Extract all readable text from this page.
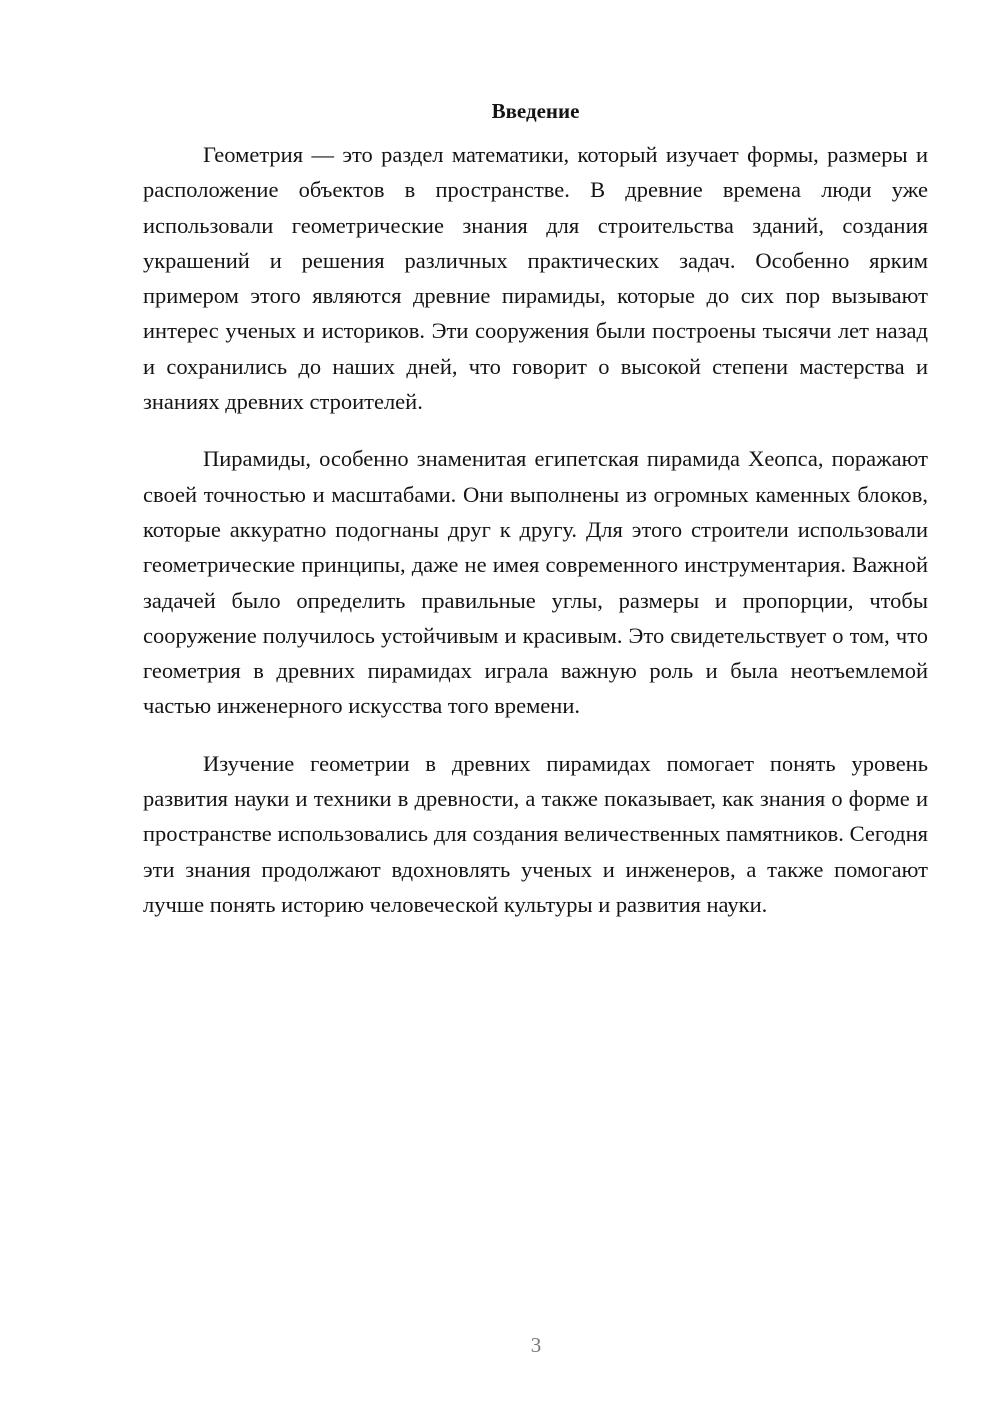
Введение

Геометрия — это раздел математики, который изучает формы, размеры и расположение объектов в пространстве. В древние времена люди уже использовали геометрические знания для строительства зданий, создания украшений и решения различных практических задач. Особенно ярким примером этого являются древние пирамиды, которые до сих пор вызывают интерес ученых и историков. Эти сооружения были построены тысячи лет назад и сохранились до наших дней, что говорит о высокой степени мастерства и знаниях древних строителей.

Пирамиды, особенно знаменитая египетская пирамида Хеопса, поражают своей точностью и масштабами. Они выполнены из огромных каменных блоков, которые аккуратно подогнаны друг к другу. Для этого строители использовали геометрические принципы, даже не имея современного инструментария. Важной задачей было определить правильные углы, размеры и пропорции, чтобы сооружение получилось устойчивым и красивым. Это свидетельствует о том, что геометрия в древних пирамидах играла важную роль и была неотъемлемой частью инженерного искусства того времени.

Изучение геометрии в древних пирамидах помогает понять уровень развития науки и техники в древности, а также показывает, как знания о форме и пространстве использовались для создания величественных памятников. Сегодня эти знания продолжают вдохновлять ученых и инженеров, а также помогают лучше понять историю человеческой культуры и развития науки.

3
